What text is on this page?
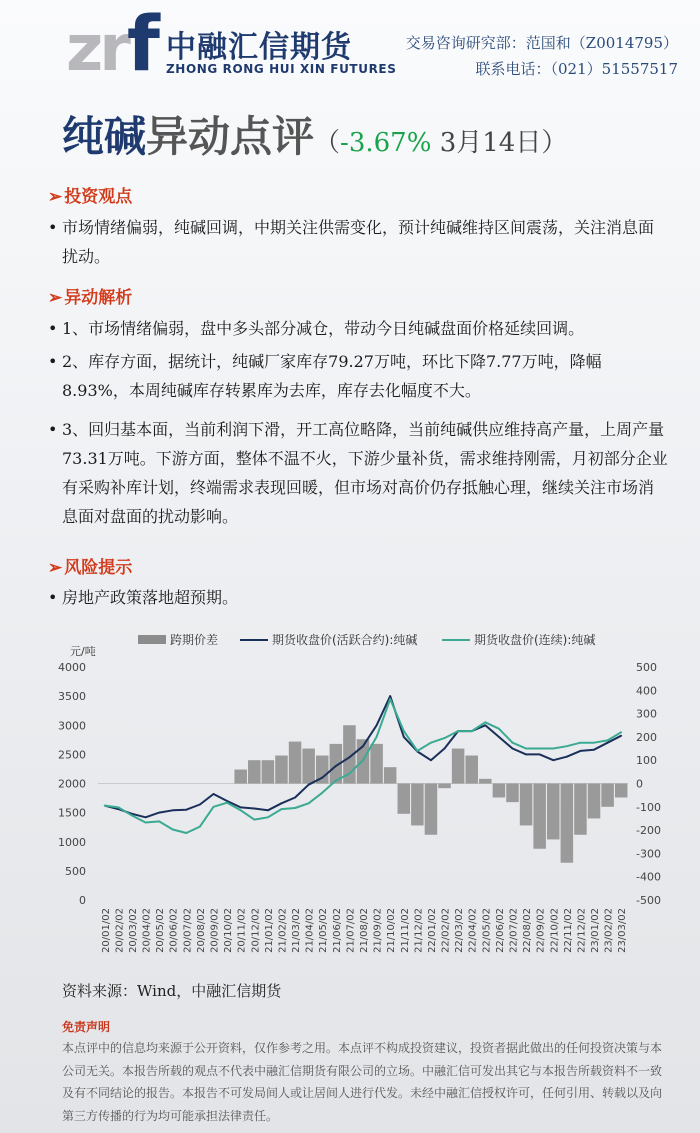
zrf 中融汇信期货
ZHONG RONG HUI XIN FUTURES
交易咨询研究部：范国和（Z0014795）
联系电话：（021）51557517
纯碱异动点评（-3.67% 3月14日）
➢ 投资观点
• 市场情绪偏弱，纯碱回调，中期关注供需变化，预计纯碱维持区间震荡，关注消息面扰动。
➢ 异动解析
• 1、市场情绪偏弱，盘中多头部分减仓，带动今日纯碱盘面价格延续回调。
• 2、库存方面，据统计，纯碱厂家库存79.27万吨，环比下降7.77万吨，降幅8.93%，本周纯碱库存转累库为去库，库存去化幅度不大。
• 3、回归基本面，当前利润下滑，开工高位略降，当前纯碱供应维持高产量，上周产量73.31万吨。下游方面，整体不温不火，下游少量补货，需求维持刚需，月初部分企业有采购补库计划，终端需求表现回暖，但市场对高价仍存抵触心理，继续关注市场消息面对盘面的扰动影响。
➢ 风险提示
• 房地产政策落地超预期。
元/吨
0
500
1000
1500
2000
2500
3000
3500
4000
-500
-400
-300
-200
-100
0
100
200
300
400
500
20/01/02 20/02/02 20/03/02 20/04/02 20/05/02 20/06/02 20/07/02 20/08/02 20/09/02 20/10/02 20/11/02 20/12/02 21/01/02 21/02/02 21/03/02 21/04/02 21/05/02 21/06/02 21/07/02 21/08/02 21/09/02 21/10/02 21/11/02 21/12/02 22/01/02 22/02/02 22/03/02 22/04/02 22/05/02 22/06/02 22/07/02 22/08/02 22/09/02 22/10/02 22/11/02 22/12/02 23/01/02 23/02/02 23/03/02
跨期价差	期货收盘价(活跃合约):纯碱	期货收盘价(连续):纯碱
资料来源：Wind，中融汇信期货
免责声明
本点评中的信息均来源于公开资料，仅作参考之用。本点评不构成投资建议，投资者据此做出的任何投资决策与本公司无关。本报告所载的观点不代表中融汇信期货有限公司的立场。中融汇信可发出其它与本报告所载资料不一致及有不同结论的报告。本报告不可发局间人或让居间人进行代发。未经中融汇信授权许可，任何引用、转载以及向第三方传播的行为均可能承担法律责任。
